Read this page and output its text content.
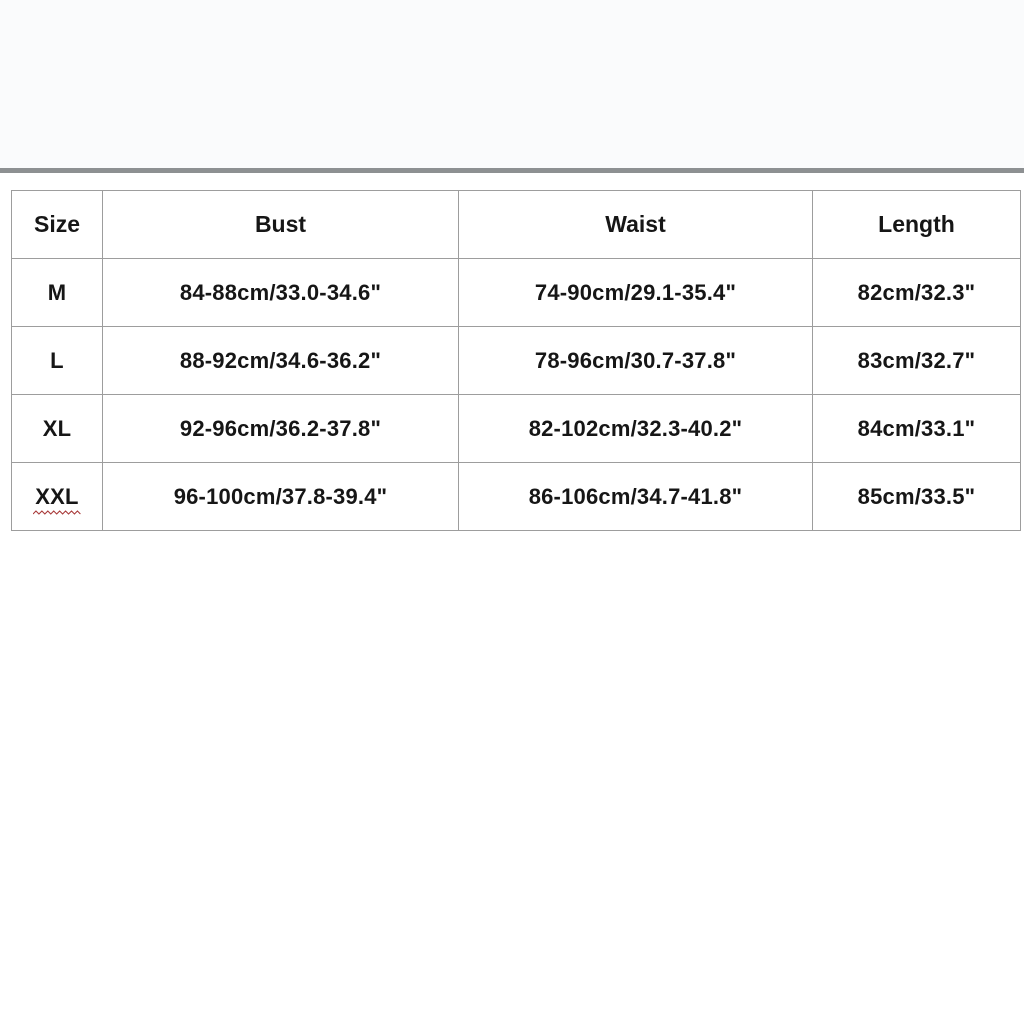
Size	Bust	Waist	Length
M	84-88cm/33.0-34.6"	74-90cm/29.1-35.4"	82cm/32.3"
L	88-92cm/34.6-36.2"	78-96cm/30.7-37.8"	83cm/32.7"
XL	92-96cm/36.2-37.8"	82-102cm/32.3-40.2"	84cm/33.1"
XXL	96-100cm/37.8-39.4"	86-106cm/34.7-41.8"	85cm/33.5"
